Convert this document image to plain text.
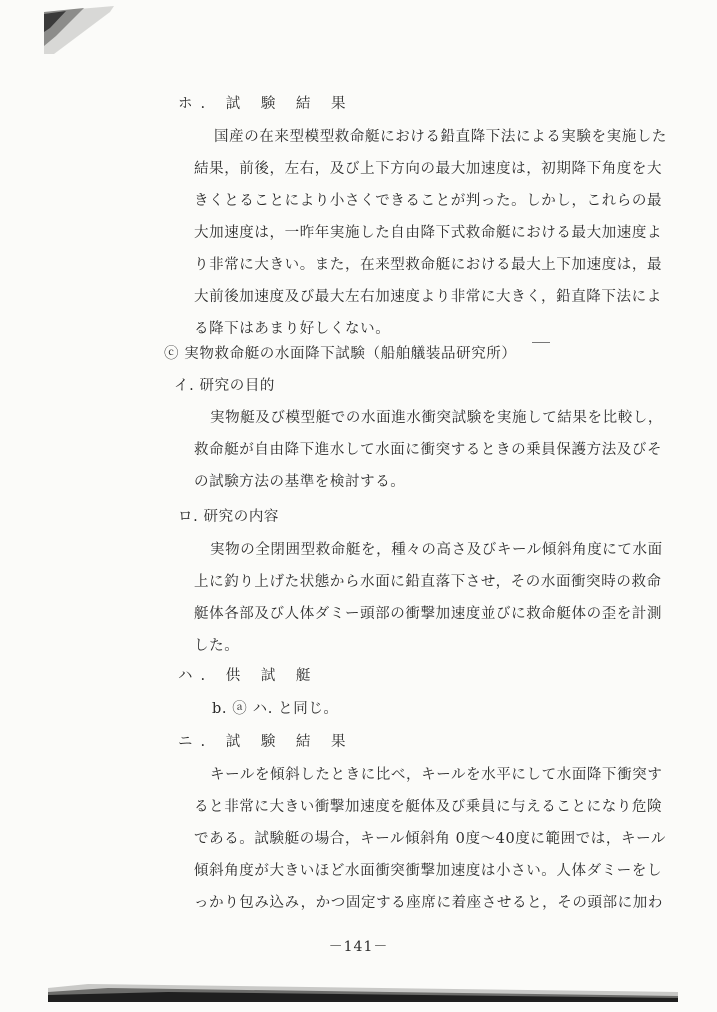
ホ. 試 験 結 果
国産の在来型模型救命艇における鉛直降下法による実験を実施した
結果，前後，左右，及び上下方向の最大加速度は，初期降下角度を大
きくとることにより小さくできることが判った。しかし，これらの最
大加速度は，一昨年実施した自由降下式救命艇における最大加速度よ
り非常に大きい。また，在来型救命艇における最大上下加速度は，最
大前後加速度及び最大左右加速度より非常に大きく，鉛直降下法によ
る降下はあまり好しくない。
ⓒ 実物救命艇の水面降下試験（船舶艤装品研究所）
イ. 研究の目的
実物艇及び模型艇での水面進水衝突試験を実施して結果を比較し，
救命艇が自由降下進水して水面に衝突するときの乗員保護方法及びそ
の試験方法の基準を検討する。
ロ. 研究の内容
実物の全閉囲型救命艇を，種々の高さ及びキール傾斜角度にて水面
上に釣り上げた状態から水面に鉛直落下させ，その水面衝突時の救命
艇体各部及び人体ダミー頭部の衝撃加速度並びに救命艇体の歪を計測
した。
ハ. 供 試 艇
b. ⓐ ハ. と同じ。
ニ. 試 験 結 果
キールを傾斜したときに比べ，キールを水平にして水面降下衝突す
ると非常に大きい衝撃加速度を艇体及び乗員に与えることになり危険
である。試験艇の場合，キール傾斜角 0度～40度に範囲では，キール
傾斜角度が大きいほど水面衝突衝撃加速度は小さい。人体ダミーをし
っかり包み込み，かつ固定する座席に着座させると，その頭部に加わ
－141－
